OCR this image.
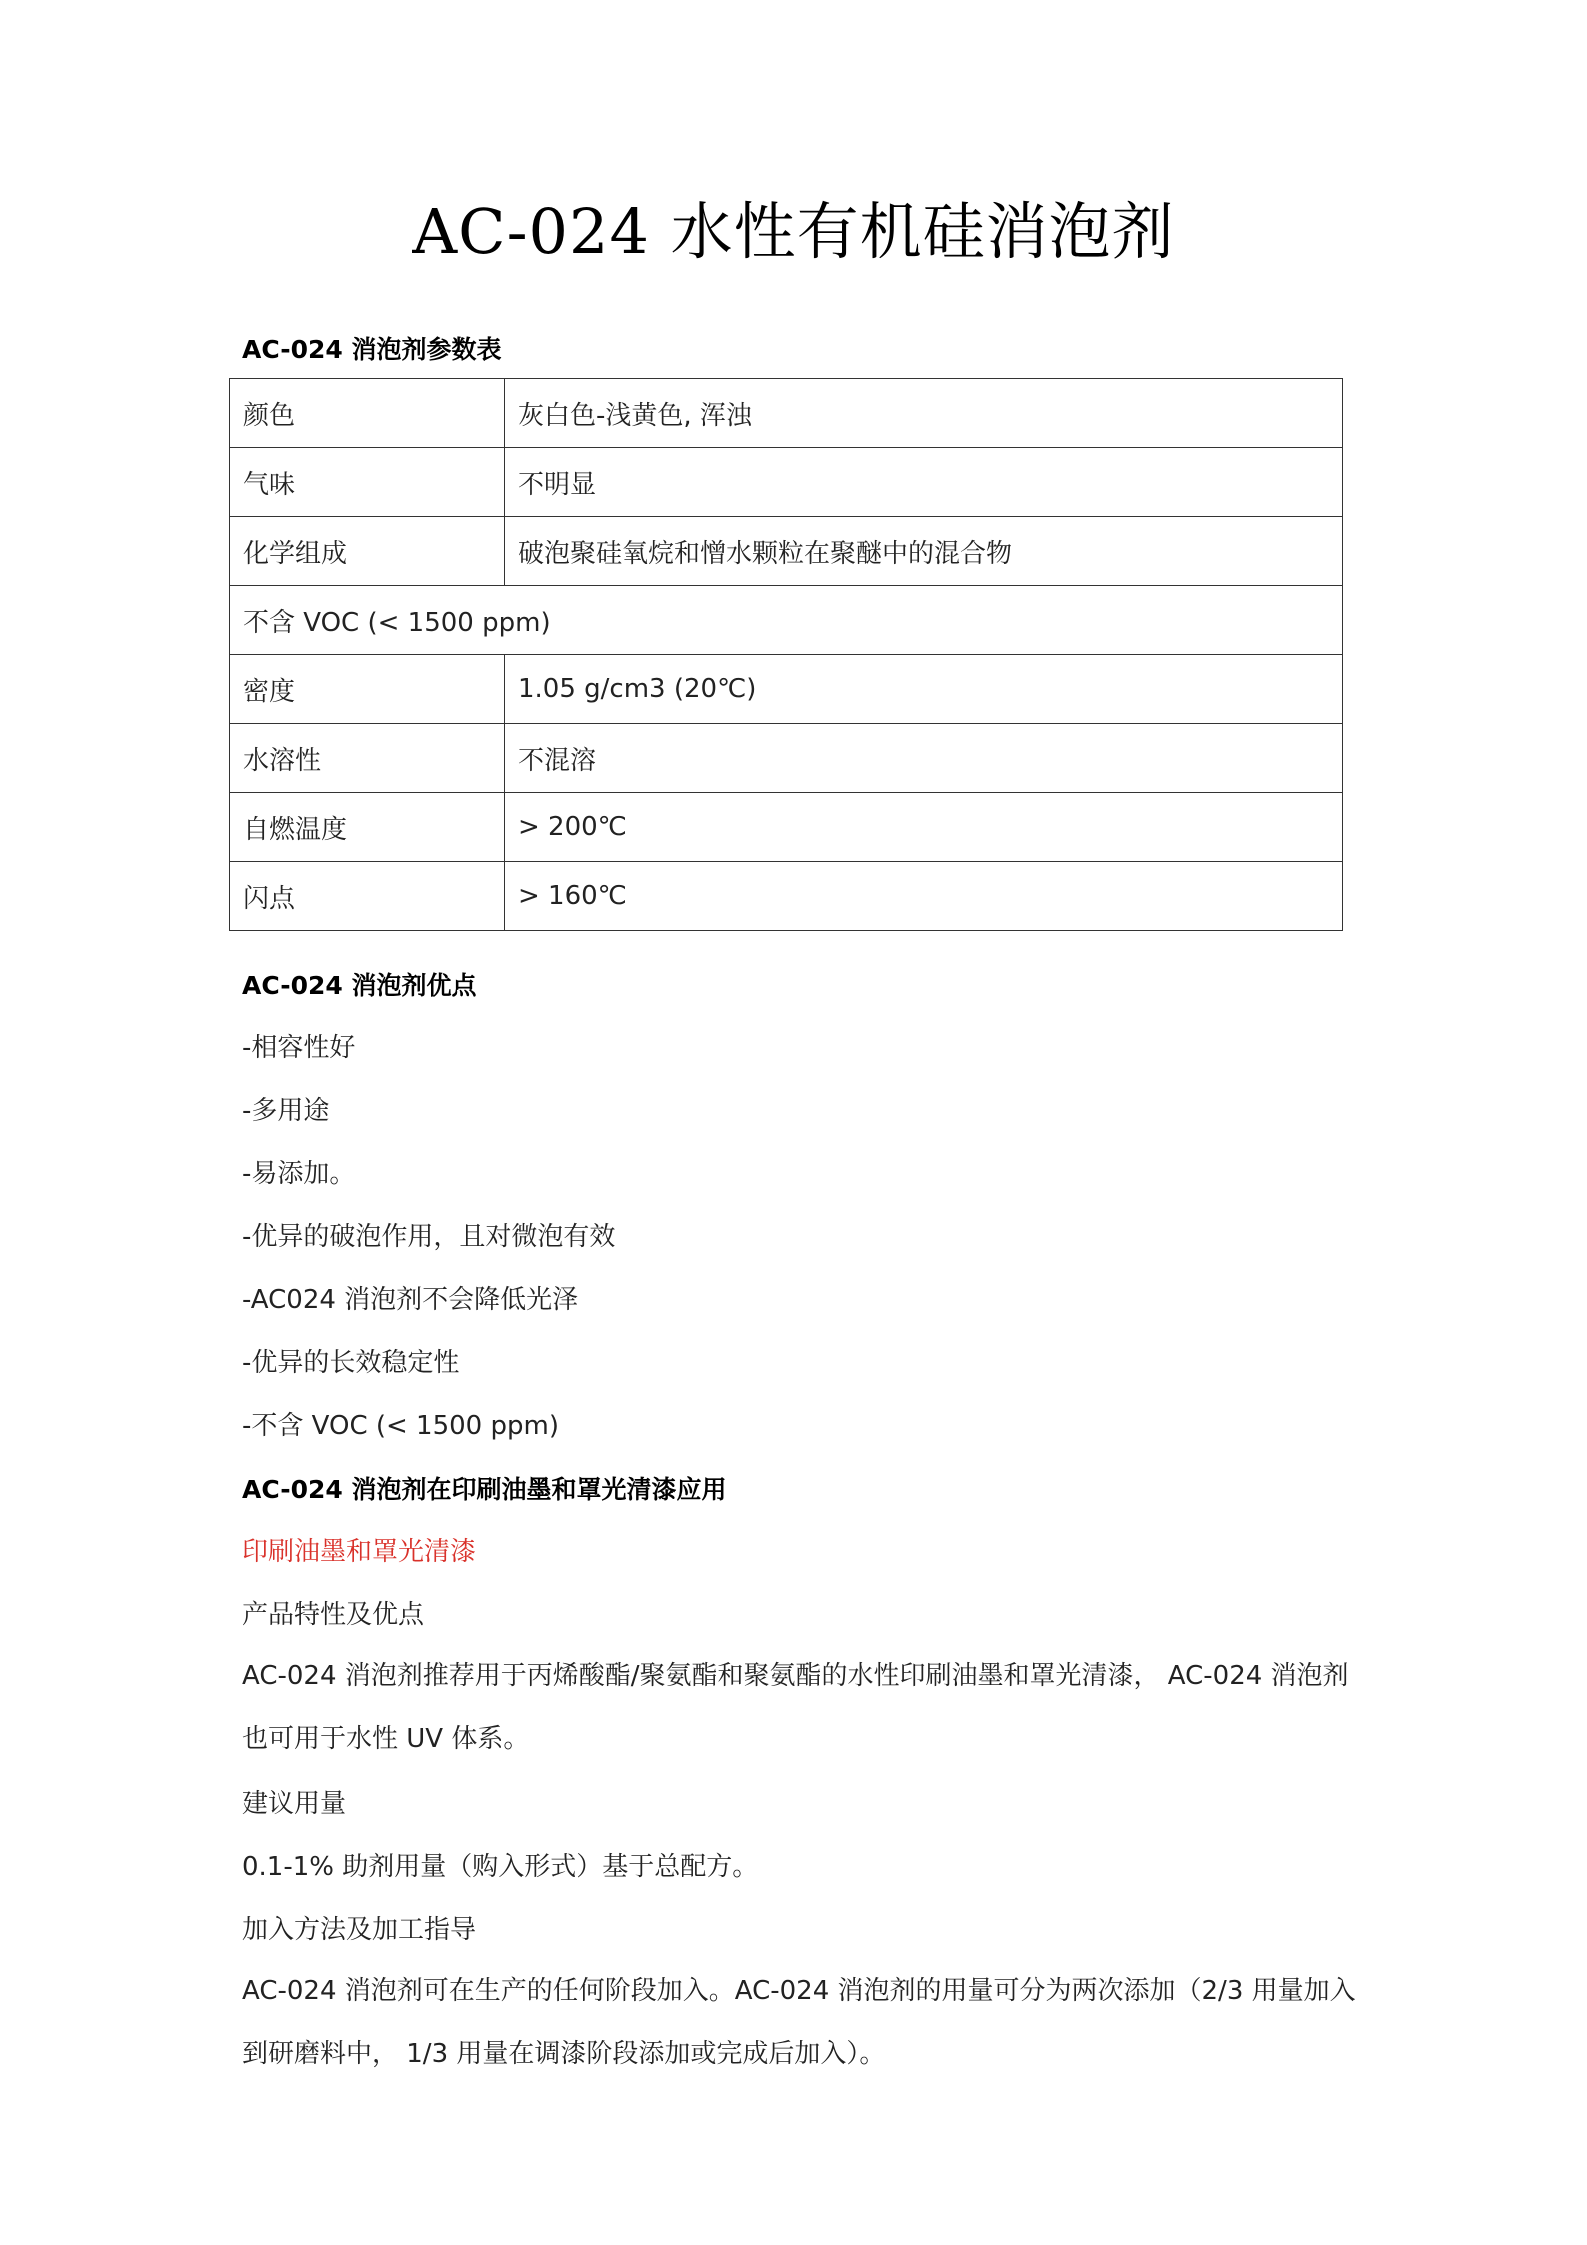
AC-024 水性有机硅消泡剂
AC-024 消泡剂参数表
颜色	灰白色-浅黄色, 浑浊
气味	不明显
化学组成	破泡聚硅氧烷和憎水颗粒在聚醚中的混合物
不含 VOC (< 1500 ppm)	
密度	1.05 g/cm3 (20℃)
水溶性	不混溶
自燃温度	> 200℃
闪点	> 160℃
AC-024 消泡剂优点
-相容性好
-多用途
-易添加。
-优异的破泡作用，且对微泡有效
-AC024 消泡剂不会降低光泽
-优异的长效稳定性
-不含 VOC (< 1500 ppm)
AC-024 消泡剂在印刷油墨和罩光清漆应用
印刷油墨和罩光清漆
产品特性及优点
AC-024 消泡剂推荐用于丙烯酸酯/聚氨酯和聚氨酯的水性印刷油墨和罩光清漆， AC-024 消泡剂也可用于水性 UV 体系。
建议用量
0.1-1% 助剂用量（购入形式）基于总配方。
加入方法及加工指导
AC-024 消泡剂可在生产的任何阶段加入。AC-024 消泡剂的用量可分为两次添加（2/3 用量加入到研磨料中， 1/3 用量在调漆阶段添加或完成后加入）。
